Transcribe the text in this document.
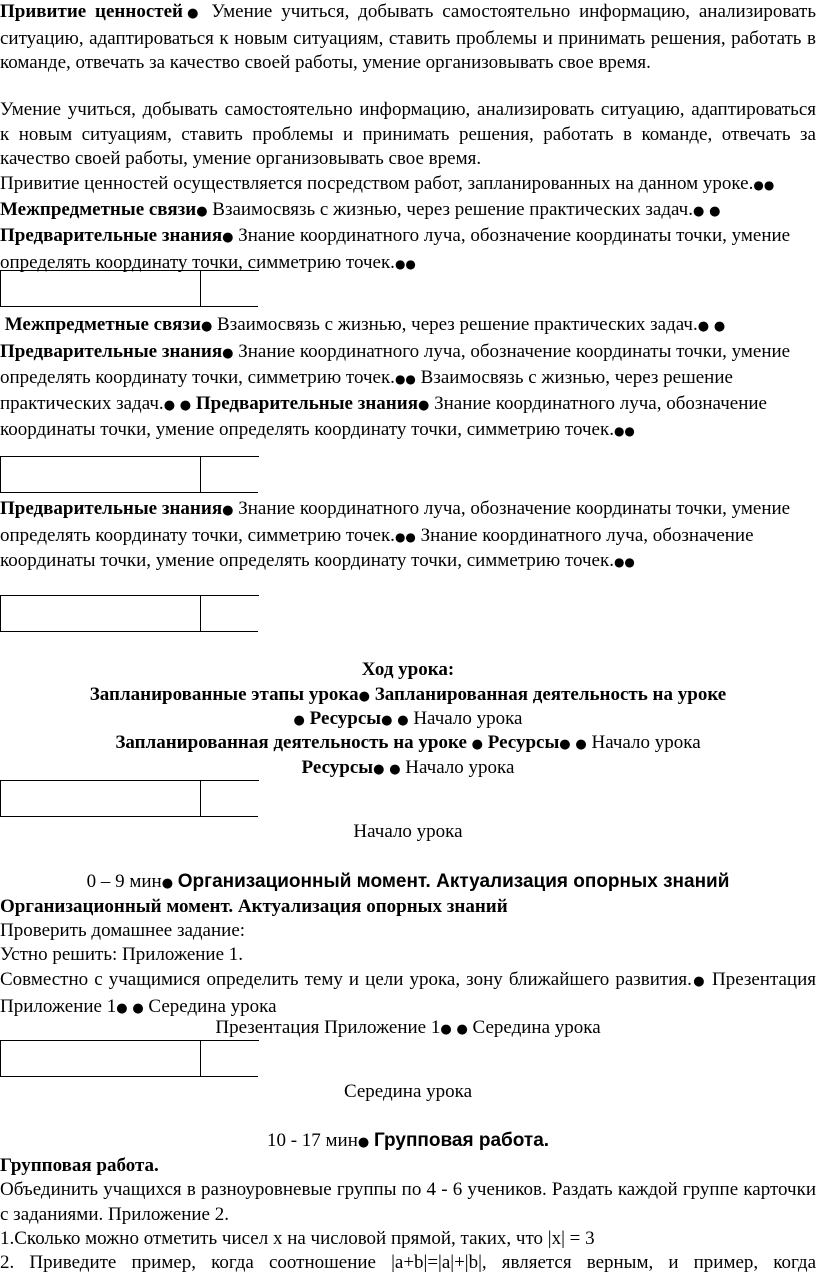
Привитие ценностей● Умение учиться, добывать самостоятельно информацию, анализировать ситуацию, адаптироваться к новым ситуациям, ставить проблемы и принимать решения, работать в команде, отвечать за качество своей работы, умение организовывать свое время.
Умение учиться, добывать самостоятельно информацию, анализировать ситуацию, адаптироваться к новым ситуациям, ставить проблемы и принимать решения, работать в команде, отвечать за качество своей работы, умение организовывать свое время.
Привитие ценностей осуществляется посредством работ, запланированных на данном уроке.●● Межпредметные связи● Взаимосвязь с жизнью, через решение практических задач.● ● Предварительные знания● Знание координатного луча, обозначение координаты точки, умение определять координату точки, симметрию точек.●●
Межпредметные связи● Взаимосвязь с жизнью, через решение практических задач.● ● Предварительные знания● Знание координатного луча, обозначение координаты точки, умение определять координату точки, симметрию точек.●● Взаимосвязь с жизнью, через решение практических задач.● ● Предварительные знания● Знание координатного луча, обозначение координаты точки, умение определять координату точки, симметрию точек.●●
Предварительные знания● Знание координатного луча, обозначение координаты точки, умение определять координату точки, симметрию точек.●● Знание координатного луча, обозначение координаты точки, умение определять координату точки, симметрию точек.●●
Ход урока:
Запланированные этапы урока● Запланированная деятельность на уроке
● Ресурсы● ● Начало урока
Запланированная деятельность на уроке ● Ресурсы● ● Начало урока
Ресурсы● ● Начало урока
Начало урока
0 – 9 мин● Организационный момент. Актуализация опорных знаний
Организационный момент. Актуализация опорных знаний
Проверить домашнее задание:
Устно решить: Приложение 1.
Совместно с учащимися определить тему и цели урока, зону ближайшего развития.● Презентация Приложение 1● ● Середина урока
Презентация Приложение 1● ● Середина урока
Середина урока
10 - 17 мин● Групповая работа.
Групповая работа.
Объединить учащихся в разноуровневые группы по 4 - 6 учеников. Раздать каждой группе карточки с заданиями. Приложение 2.
1.Сколько можно отметить чисел x на числовой прямой, таких, что |x| = 3
2. Приведите пример, когда соотношение |a+b|=|a|+|b|, является верным, и пример, когда
